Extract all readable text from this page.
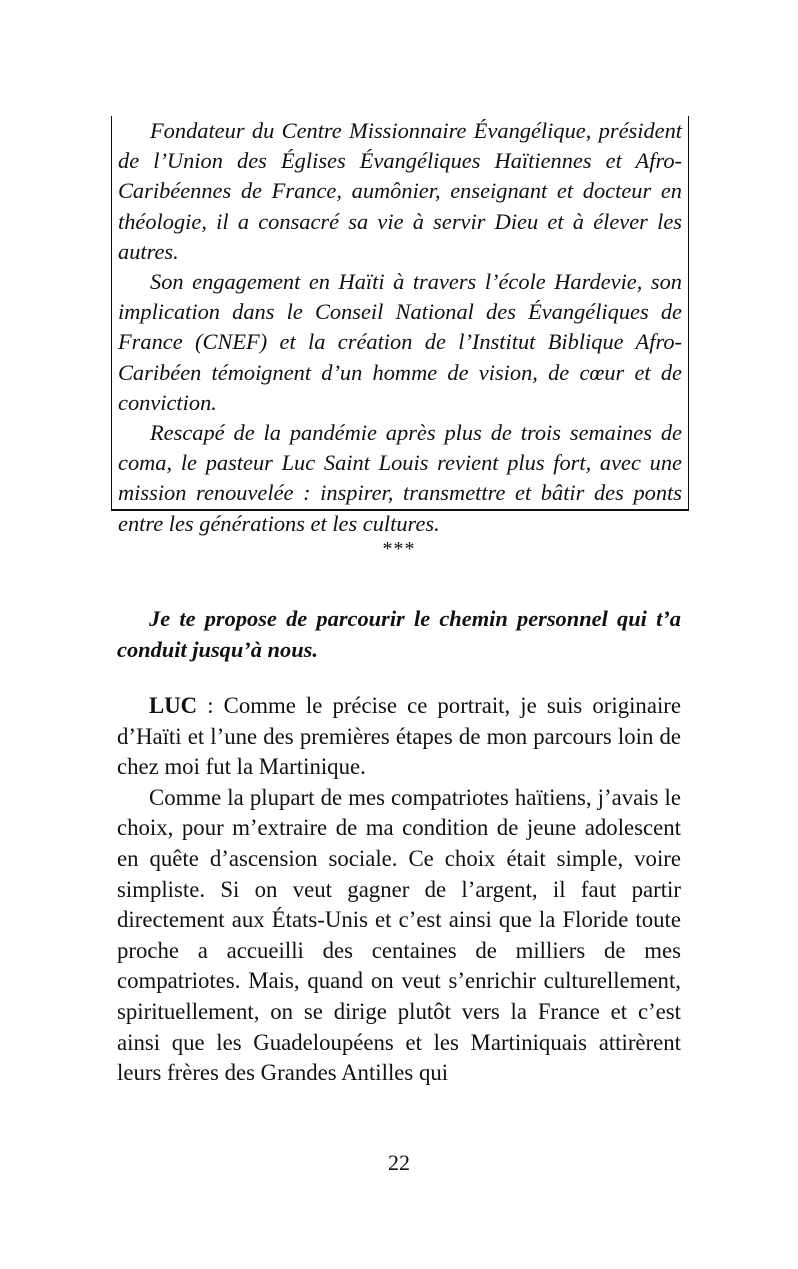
Fondateur du Centre Missionnaire Évangélique, président de l’Union des Églises Évangéliques Haïtiennes et Afro-Caribéennes de France, aumônier, enseignant et docteur en théologie, il a consacré sa vie à servir Dieu et à élever les autres.

Son engagement en Haïti à travers l’école Hardevie, son implication dans le Conseil National des Évangéliques de France (CNEF) et la création de l’Institut Biblique Afro-Caribéen témoignent d’un homme de vision, de cœur et de conviction.

Rescapé de la pandémie après plus de trois semaines de coma, le pasteur Luc Saint Louis revient plus fort, avec une mission renouvelée : inspirer, transmettre et bâtir des ponts entre les générations et les cultures.

***

Je te propose de parcourir le chemin personnel qui t’a conduit jusqu’à nous.

LUC : Comme le précise ce portrait, je suis originaire d’Haïti et l’une des premières étapes de mon parcours loin de chez moi fut la Martinique.

Comme la plupart de mes compatriotes haïtiens, j’avais le choix, pour m’extraire de ma condition de jeune adolescent en quête d’ascension sociale. Ce choix était simple, voire simpliste. Si on veut gagner de l’argent, il faut partir directement aux États-Unis et c’est ainsi que la Floride toute proche a accueilli des centaines de milliers de mes compatriotes. Mais, quand on veut s’enrichir culturellement, spirituellement, on se dirige plutôt vers la France et c’est ainsi que les Guadeloupéens et les Martiniquais attirèrent leurs frères des Grandes Antilles qui

22
